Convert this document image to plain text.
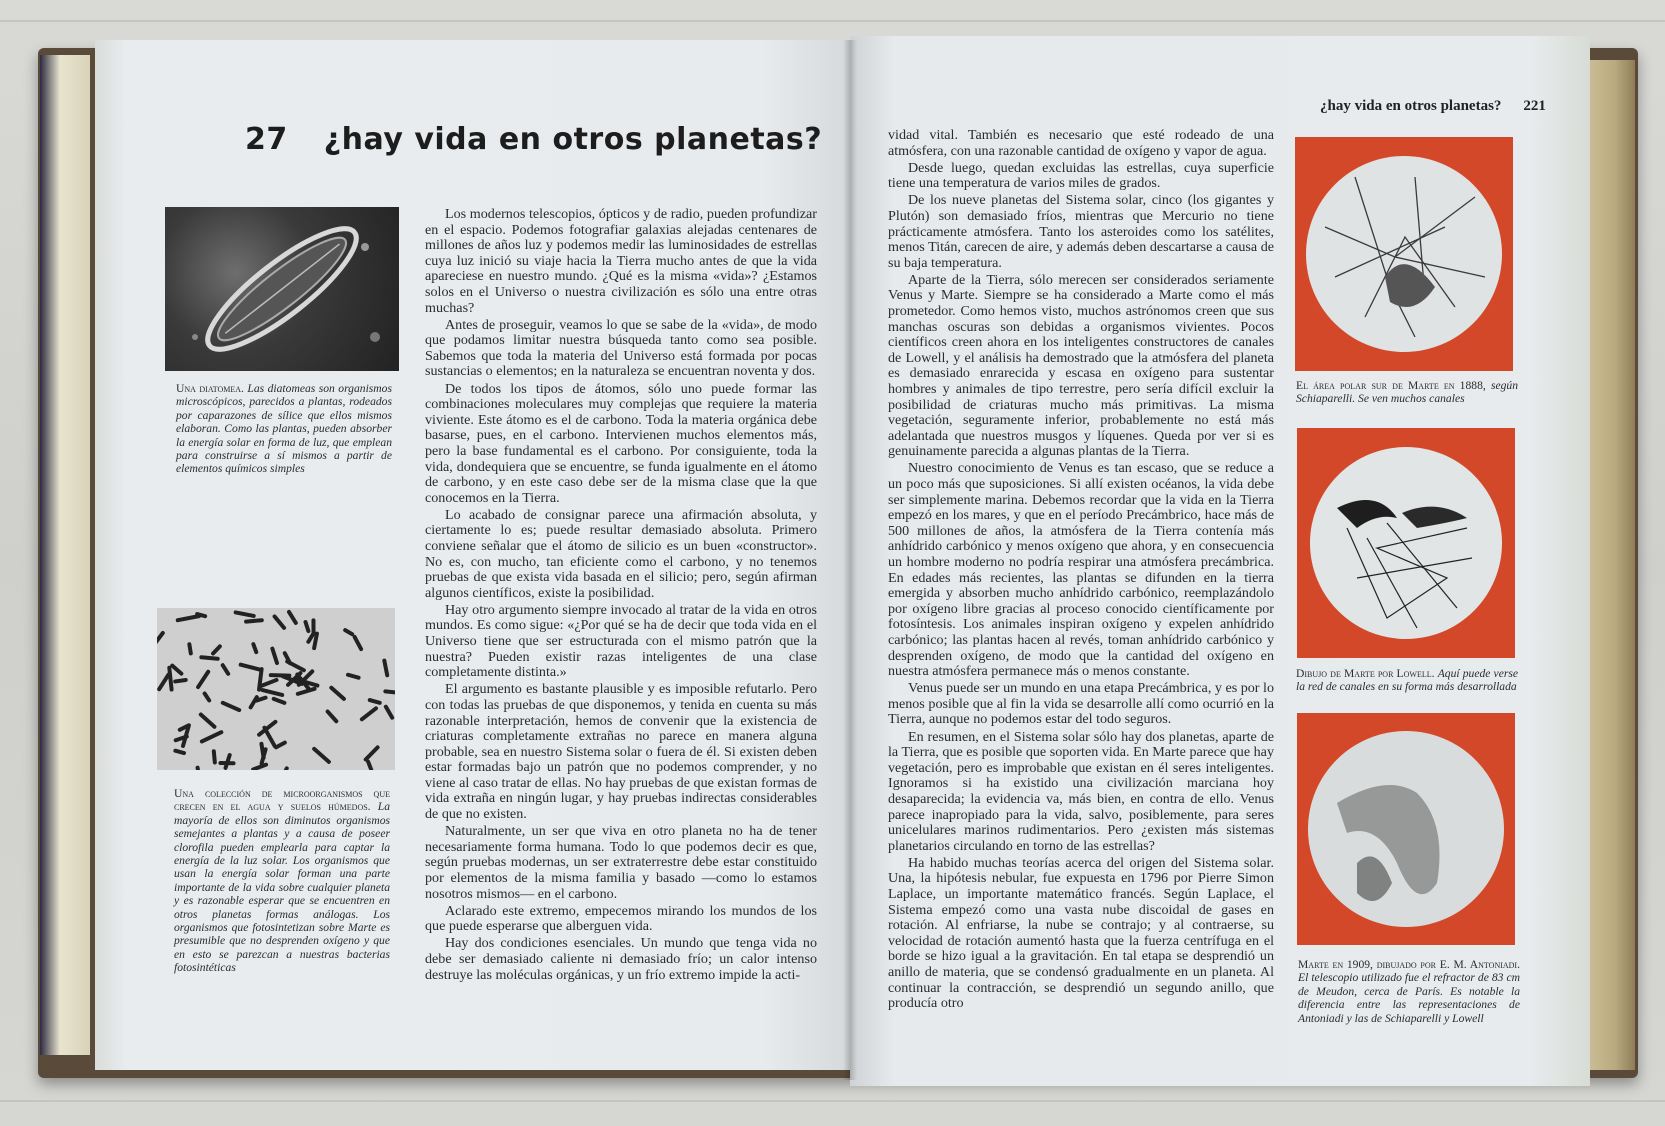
27 ¿hay vida en otros planetas?
¿hay vida en otros planetas? 221

Los modernos telescopios, ópticos y de radio, pueden profundizar en el espacio. Podemos fotografiar galaxias alejadas centenares de millones de años luz y podemos medir las luminosidades de estrellas cuya luz inició su viaje hacia la Tierra mucho antes de que la vida apareciese en nuestro mundo. ¿Qué es la misma «vida»? ¿Estamos solos en el Universo o nuestra civilización es sólo una entre otras muchas?

Antes de proseguir, veamos lo que se sabe de la «vida», de modo que podamos limitar nuestra búsqueda tanto como sea posible. Sabemos que toda la materia del Universo está formada por pocas sustancias o elementos; en la naturaleza se encuentran noventa y dos.

De todos los tipos de átomos, sólo uno puede formar las combinaciones moleculares muy complejas que requiere la materia viviente. Este átomo es el de carbono. Toda la materia orgánica debe basarse, pues, en el carbono. Intervienen muchos elementos más, pero la base fundamental es el carbono. Por consiguiente, toda la vida, dondequiera que se encuentre, se funda igualmente en el átomo de carbono, y en este caso debe ser de la misma clase que la que conocemos en la Tierra.

Lo acabado de consignar parece una afirmación absoluta, y ciertamente lo es; puede resultar demasiado absoluta. Primero conviene señalar que el átomo de silicio es un buen «constructor». No es, con mucho, tan eficiente como el carbono, y no tenemos pruebas de que exista vida basada en el silicio; pero, según afirman algunos científicos, existe la posibilidad.

Hay otro argumento siempre invocado al tratar de la vida en otros mundos. Es como sigue: «¿Por qué se ha de decir que toda vida en el Universo tiene que ser estructurada con el mismo patrón que la nuestra? Pueden existir razas inteligentes de una clase completamente distinta.»

El argumento es bastante plausible y es imposible refutarlo. Pero con todas las pruebas de que disponemos, y tenida en cuenta su más razonable interpretación, hemos de convenir que la existencia de criaturas completamente extrañas no parece en manera alguna probable, sea en nuestro Sistema solar o fuera de él. Si existen deben estar formadas bajo un patrón que no podemos comprender, y no viene al caso tratar de ellas. No hay pruebas de que existan formas de vida extraña en ningún lugar, y hay pruebas indirectas considerables de que no existen.

Naturalmente, un ser que viva en otro planeta no ha de tener necesariamente forma humana. Todo lo que podemos decir es que, según pruebas modernas, un ser extraterrestre debe estar constituido por elementos de la misma familia y basado —como lo estamos nosotros mismos— en el carbono.

Aclarado este extremo, empecemos mirando los mundos de los que puede esperarse que alberguen vida.

Hay dos condiciones esenciales. Un mundo que tenga vida no debe ser demasiado caliente ni demasiado frío; un calor intenso destruye las moléculas orgánicas, y un frío extremo impide la acti-

vidad vital. También es necesario que esté rodeado de una atmósfera, con una razonable cantidad de oxígeno y vapor de agua.

Desde luego, quedan excluidas las estrellas, cuya superficie tiene una temperatura de varios miles de grados.

De los nueve planetas del Sistema solar, cinco (los gigantes y Plutón) son demasiado fríos, mientras que Mercurio no tiene prácticamente atmósfera. Tanto los asteroides como los satélites, menos Titán, carecen de aire, y además deben descartarse a causa de su baja temperatura.

Aparte de la Tierra, sólo merecen ser considerados seriamente Venus y Marte. Siempre se ha considerado a Marte como el más prometedor. Como hemos visto, muchos astrónomos creen que sus manchas oscuras son debidas a organismos vivientes. Pocos científicos creen ahora en los inteligentes constructores de canales de Lowell, y el análisis ha demostrado que la atmósfera del planeta es demasiado enrarecida y escasa en oxígeno para sustentar hombres y animales de tipo terrestre, pero sería difícil excluir la posibilidad de criaturas mucho más primitivas. La misma vegetación, seguramente inferior, probablemente no está más adelantada que nuestros musgos y líquenes. Queda por ver si es genuinamente parecida a algunas plantas de la Tierra.

Nuestro conocimiento de Venus es tan escaso, que se reduce a un poco más que suposiciones. Si allí existen océanos, la vida debe ser simplemente marina. Debemos recordar que la vida en la Tierra empezó en los mares, y que en el período Precámbrico, hace más de 500 millones de años, la atmósfera de la Tierra contenía más anhídrido carbónico y menos oxígeno que ahora, y en consecuencia un hombre moderno no podría respirar una atmósfera precámbrica. En edades más recientes, las plantas se difunden en la tierra emergida y absorben mucho anhídrido carbónico, reemplazándolo por oxígeno libre gracias al proceso conocido científicamente por fotosíntesis. Los animales inspiran oxígeno y expelen anhídrido carbónico; las plantas hacen al revés, toman anhídrido carbónico y desprenden oxígeno, de modo que la cantidad del oxígeno en nuestra atmósfera permanece más o menos constante.

Venus puede ser un mundo en una etapa Precámbrica, y es por lo menos posible que al fin la vida se desarrolle allí como ocurrió en la Tierra, aunque no podemos estar del todo seguros.

En resumen, en el Sistema solar sólo hay dos planetas, aparte de la Tierra, que es posible que soporten vida. En Marte parece que hay vegetación, pero es improbable que existan en él seres inteligentes. Ignoramos si ha existido una civilización marciana hoy desaparecida; la evidencia va, más bien, en contra de ello. Venus parece inapropiado para la vida, salvo, posiblemente, para seres unicelulares marinos rudimentarios. Pero ¿existen más sistemas planetarios circulando en torno de las estrellas?

Ha habido muchas teorías acerca del origen del Sistema solar. Una, la hipótesis nebular, fue expuesta en 1796 por Pierre Simon Laplace, un importante matemático francés. Según Laplace, el Sistema empezó como una vasta nube discoidal de gases en rotación. Al enfriarse, la nube se contrajo; y al contraerse, su velocidad de rotación aumentó hasta que la fuerza centrífuga en el borde se hizo igual a la gravitación. En tal etapa se desprendió un anillo de materia, que se condensó gradualmente en un planeta. Al continuar la contracción, se desprendió un segundo anillo, que producía otro

Una diatomea. Las diatomeas son organismos microscópicos, parecidos a plantas, rodeados por caparazones de sílice que ellos mismos elaboran. Como las plantas, pueden absorber la energía solar en forma de luz, que emplean para construirse a sí mismos a partir de elementos químicos simples
Una colección de microorganismos que crecen en el agua y suelos húmedos. La mayoría de ellos son diminutos organismos semejantes a plantas y a causa de poseer clorofila pueden emplearla para captar la energía de la luz solar. Los organismos que usan la energía solar forman una parte importante de la vida sobre cualquier planeta y es razonable esperar que se encuentren en otros planetas formas análogas. Los organismos que fotosintetizan sobre Marte es presumible que no desprenden oxígeno y que en esto se parezcan a nuestras bacterias fotosintéticas
El área polar sur de Marte en 1888, según Schiaparelli. Se ven muchos canales
Dibujo de Marte por Lowell. Aquí puede verse la red de canales en su forma más desarrollada
Marte en 1909, dibujado por E. M. Antoniadi. El telescopio utilizado fue el refractor de 83 cm de Meudon, cerca de París. Es notable la diferencia entre las representaciones de Antoniadi y las de Schiaparelli y Lowell
